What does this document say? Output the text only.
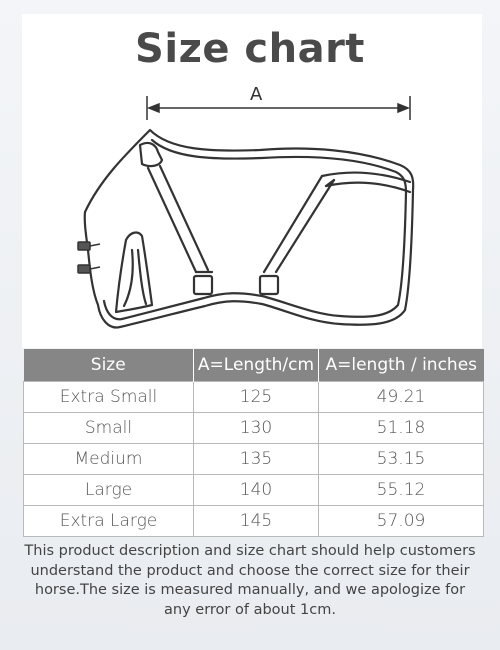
Size chart
A
Size	A=Length/cm	A=length / inches
Extra Small	125	49.21
Small	130	51.18
Medium	135	53.15
Large	140	55.12
Extra Large	145	57.09

This product description and size chart should help customers understand the product and choose the correct size for their horse.The size is measured manually, and we apologize for any error of about 1cm.
